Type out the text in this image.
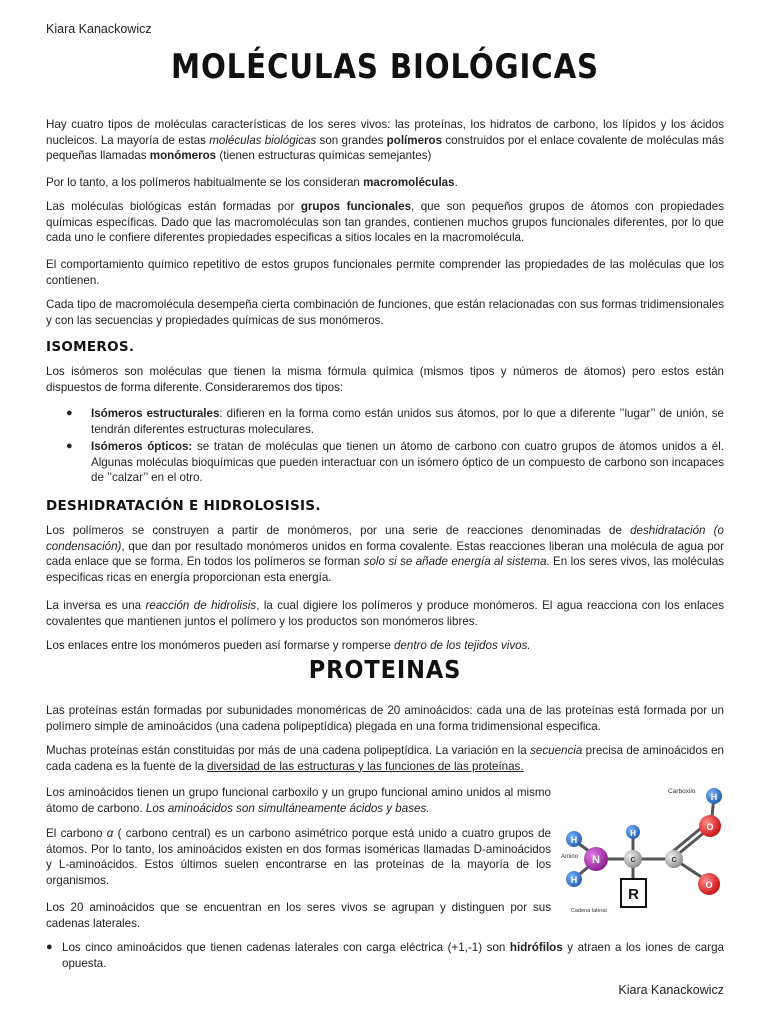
Kiara Kanackowicz
MOLÉCULAS BIOLÓGICAS

Hay cuatro tipos de moléculas características de los seres vivos: las proteínas, los hidratos de carbono, los lípidos y los ácidos nucleicos. La mayoría de estas moléculas biológicas son grandes polímeros construidos por el enlace covalente de moléculas más pequeñas llamadas monómeros (tienen estructuras químicas semejantes)

Por lo tanto, a los polímeros habitualmente se los consideran macromoléculas.

Las moléculas biológicas están formadas por grupos funcionales, que son pequeños grupos de átomos con propiedades químicas específicas. Dado que las macromoléculas son tan grandes, contienen muchos grupos funcionales diferentes, por lo que cada uno le confiere diferentes propiedades especificas a sitios locales en la macromolécula.

El comportamiento químico repetitivo de estos grupos funcionales permite comprender las propiedades de las moléculas que los contienen.

Cada tipo de macromolécula desempeña cierta combinación de funciones, que están relacionadas con sus formas tridimensionales y con las secuencias y propiedades químicas de sus monómeros.

ISOMEROS.

Los isómeros son moléculas que tienen la misma fórmula química (mismos tipos y números de átomos) pero estos están dispuestos de forma diferente. Consideraremos dos tipos:

● Isómeros estructurales: difieren en la forma como están unidos sus átomos, por lo que a diferente ’’lugar’’ de unión, se tendrán diferentes estructuras moleculares.
● Isómeros ópticos: se tratan de moléculas que tienen un átomo de carbono con cuatro grupos de átomos unidos a él. Algunas moléculas bioquímicas que pueden interactuar con un isómero óptico de un compuesto de carbono son incapaces de ’’calzar’’ en el otro.
DESHIDRATACIÓN E HIDROLOSISIS.

Los polímeros se construyen a partir de monómeros, por una serie de reacciones denominadas de deshidratación (o condensación), que dan por resultado monómeros unidos en forma covalente. Estas reacciones liberan una molécula de agua por cada enlace que se forma. En todos los polímeros se forman solo si se añade energía al sistema. En los seres vivos, las moléculas especificas ricas en energía proporcionan esta energía.

La inversa es una reacción de hidrolisis, la cual digiere los polímeros y produce monómeros. El agua reacciona con los enlaces covalentes que mantienen juntos el polímero y los productos son monómeros libres.

Los enlaces entre los monómeros pueden así formarse y romperse dentro de los tejidos vivos.

PROTEINAS

Las proteínas están formadas por subunidades monoméricas de 20 aminoácidos: cada una de las proteínas está formada por un polímero simple de aminoácidos (una cadena polipeptídica) plegada en una forma tridimensional especifica.

Muchas proteínas están constituidas por más de una cadena polipeptídica. La variación en la secuencia precisa de aminoácidos en cada cadena es la fuente de la diversidad de las estructuras y las funciones de las proteínas.

Los aminoácidos tienen un grupo funcional carboxilo y un grupo funcional amino unidos al mismo átomo de carbono. Los aminoácidos son simultáneamente ácidos y bases.

El carbono α ( carbono central) es un carbono asimétrico porque está unido a cuatro grupos de átomos. Por lo tanto, los aminoácidos existen en dos formas isoméricas llamadas D-aminoácidos y L-aminoácidos. Estos últimos suelen encontrarse en las proteínas de la mayoría de los organismos.

Los 20 aminoácidos que se encuentran en los seres vivos se agrupan y distinguen por sus cadenas laterales.

● Los cinco aminoácidos que tienen cadenas laterales con carga eléctrica (+1,-1) son hidrófilos y atraen a los iones de carga opuesta.
Carboxilo
Amino
Cadena lateral
H
H
N
H
C
R
C
H
O
O
Kiara Kanackowicz
